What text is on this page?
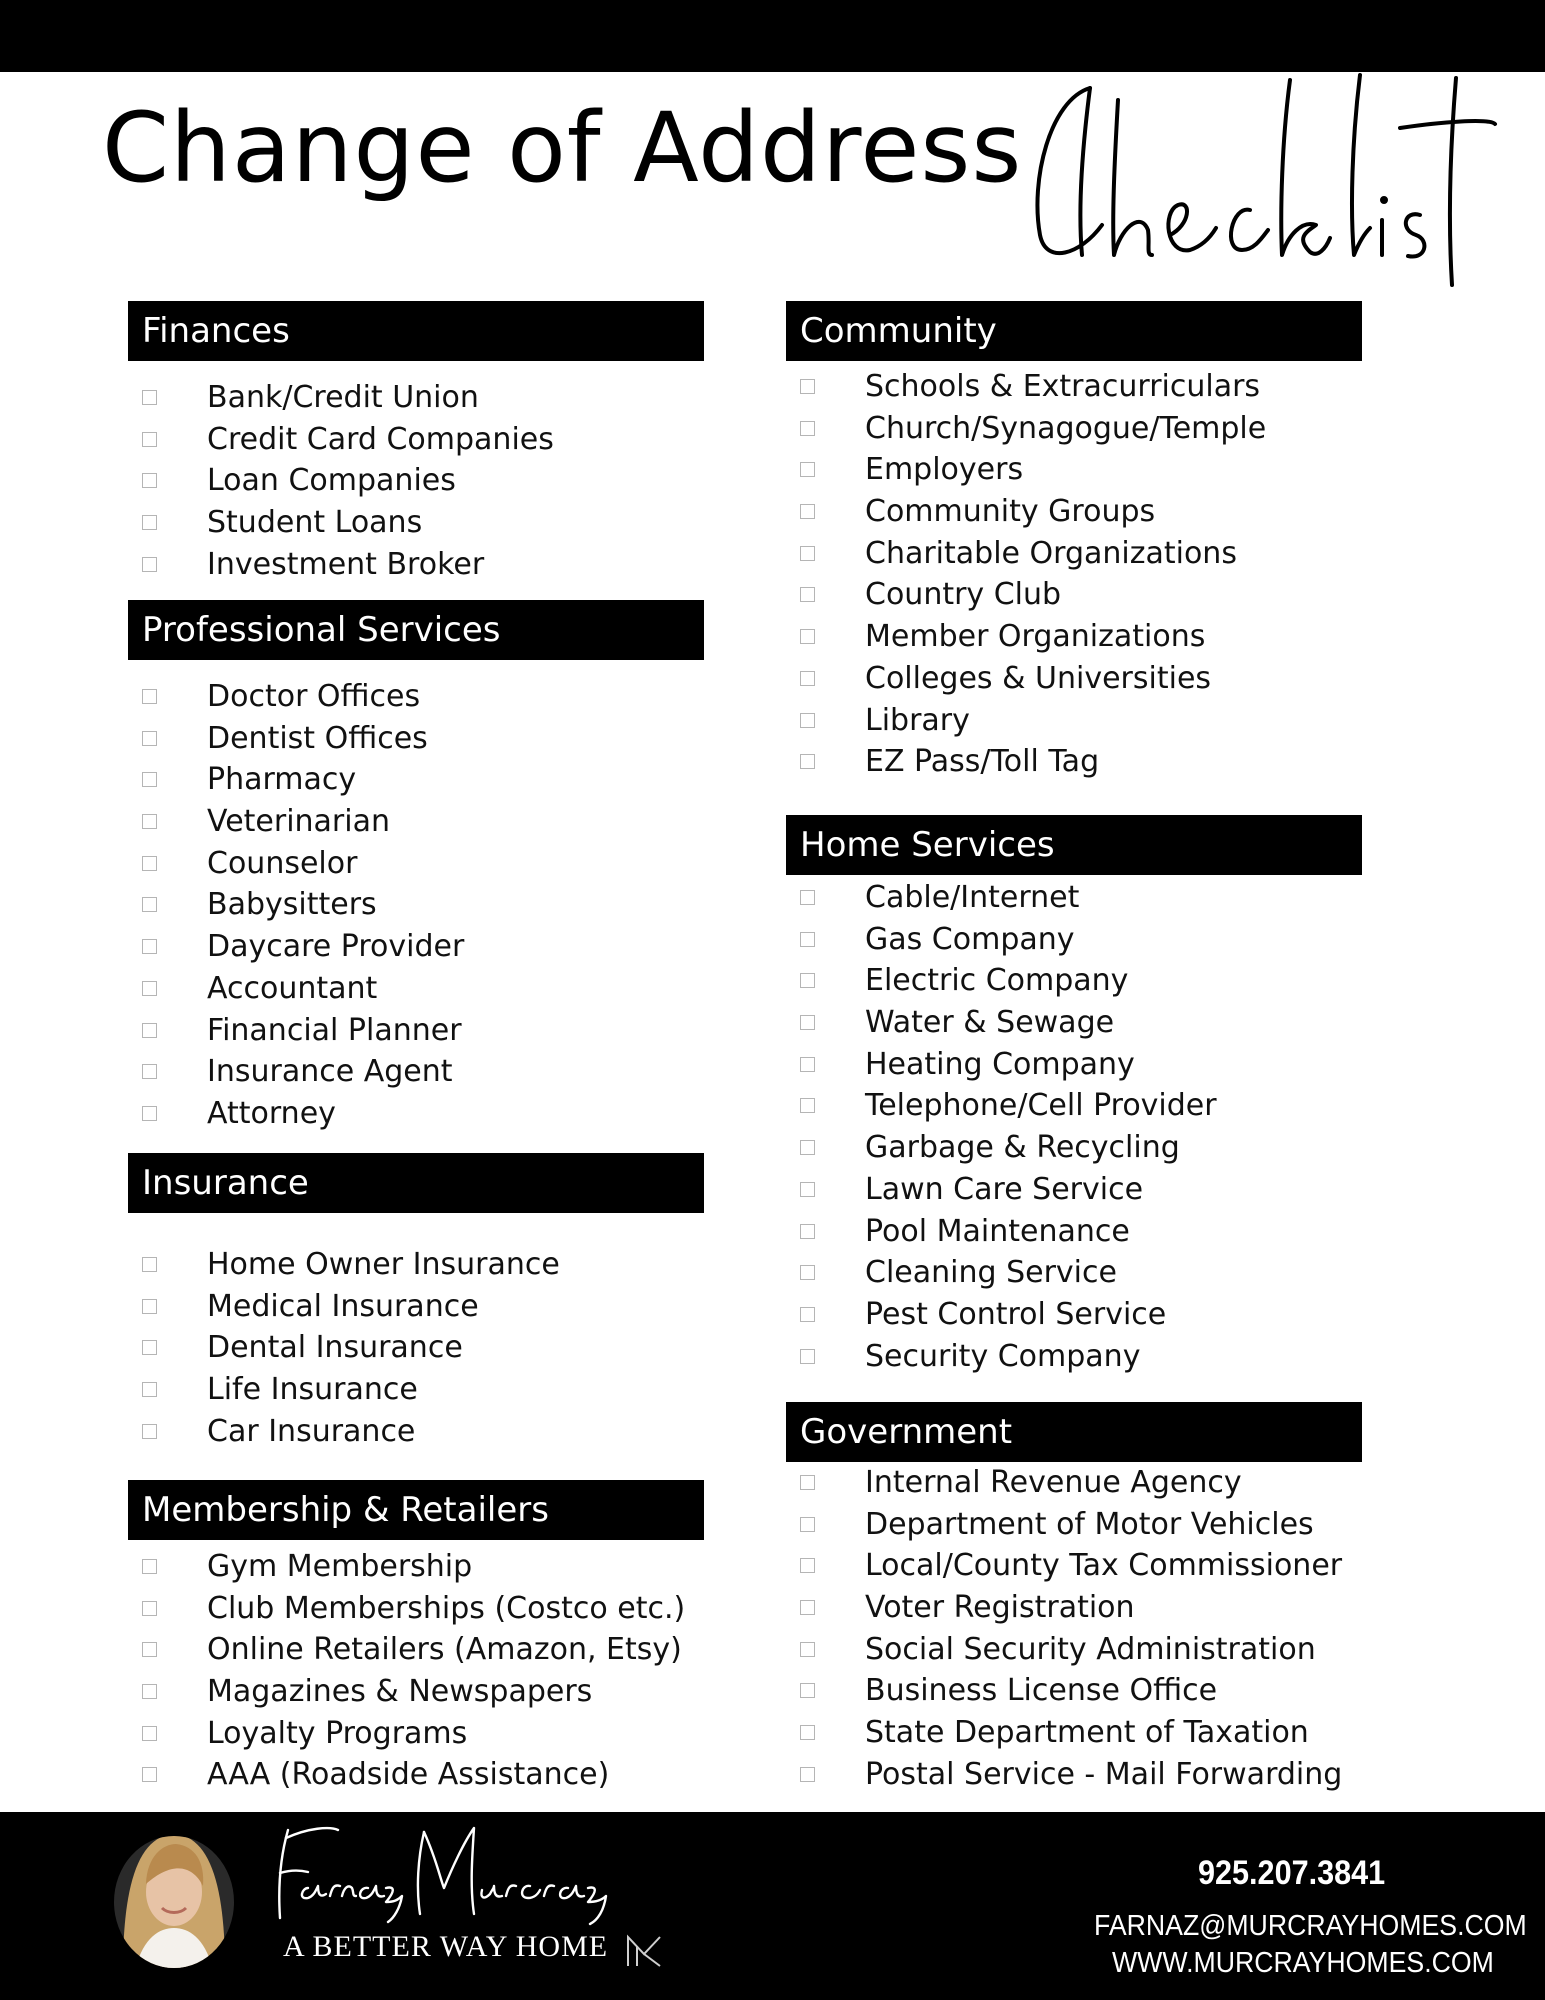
Change of Address
Finances
Bank/Credit Union
Credit Card Companies
Loan Companies
Student Loans
Investment Broker
Professional Services
Doctor Offices
Dentist Offices
Pharmacy
Veterinarian
Counselor
Babysitters
Daycare Provider
Accountant
Financial Planner
Insurance Agent
Attorney
Insurance
Home Owner Insurance
Medical Insurance
Dental Insurance
Life Insurance
Car Insurance
Membership & Retailers
Gym Membership
Club Memberships (Costco etc.)
Online Retailers (Amazon, Etsy)
Magazines & Newspapers
Loyalty Programs
AAA (Roadside Assistance)
Community
Schools & Extracurriculars
Church/Synagogue/Temple
Employers
Community Groups
Charitable Organizations
Country Club
Member Organizations
Colleges & Universities
Library
EZ Pass/Toll Tag
Home Services
Cable/Internet
Gas Company
Electric Company
Water & Sewage
Heating Company
Telephone/Cell Provider
Garbage & Recycling
Lawn Care Service
Pool Maintenance
Cleaning Service
Pest Control Service
Security Company
Government
Internal Revenue Agency
Department of Motor Vehicles
Local/County Tax Commissioner
Voter Registration
Social Security Administration
Business License Office
State Department of Taxation
Postal Service - Mail Forwarding
A BETTER WAY HOME
925.207.3841
FARNAZ@MURCRAYHOMES.COM
WWW.MURCRAYHOMES.COM
